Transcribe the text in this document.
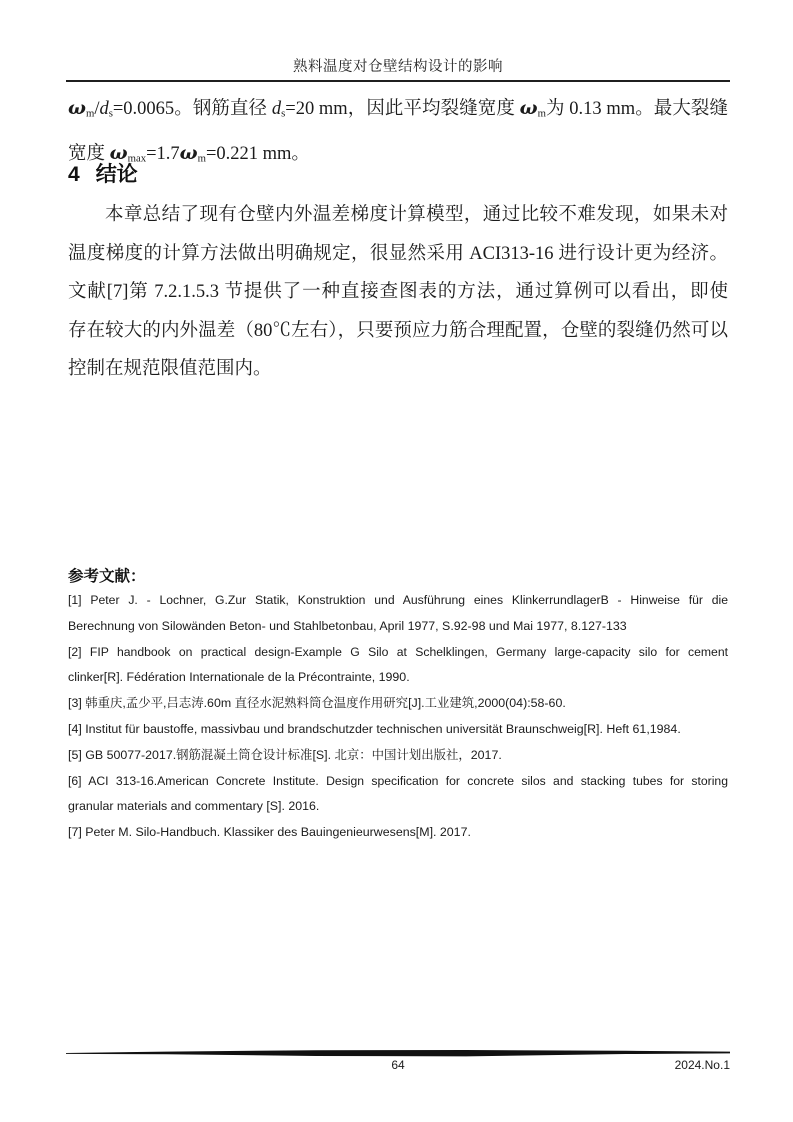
熟料温度对仓壁结构设计的影响
$\omega_m/d_s=0.0065$。钢筋直径 $d_s=20$ mm，因此平均裂缝宽度 $\omega_m$为 0.13 mm。最大裂缝
宽度 $\omega_{max}=1.7\omega_m=0.221$ mm。
4 结论
本章总结了现有仓壁内外温差梯度计算模型，通过比较不难发现，如果未对
温度梯度的计算方法做出明确规定，很显然采用 ACI313-16 进行设计更为经济。
文献[7]第 7.2.1.5.3 节提供了一种直接查图表的方法，通过算例可以看出，即使
存在较大的内外温差（80℃左右），只要预应力筋合理配置，仓壁的裂缝仍然可以
控制在规范限值范围内。
参考文献：
[1] Peter J. - Lochner, G.Zur Statik, Konstruktion und Ausführung eines KlinkerrundlagerB - Hinweise für die
Berechnung von Silowänden Beton- und Stahlbetonbau, April 1977, S.92-98 und Mai 1977, 8.127-133
[2] FIP handbook on practical design-Example G Silo at Schelklingen, Germany large-capacity silo for cement
clinker[R]. Fédération Internationale de la Précontrainte, 1990.
[3] 韩重庆,孟少平,吕志涛.60m 直径水泥熟料筒仓温度作用研究[J].工业建筑,2000(04):58-60.
[4] Institut für baustoffe, massivbau und brandschutzder technischen universität Braunschweig[R]. Heft 61,1984.
[5] GB 50077-2017.钢筋混凝土筒仓设计标准[S]. 北京：中国计划出版社，2017.
[6] ACI 313-16.American Concrete Institute. Design specification for concrete silos and stacking tubes for storing
granular materials and commentary [S]. 2016.
[7] Peter M. Silo-Handbuch. Klassiker des Bauingenieurwesens[M]. 2017.
64	2024.No.1
